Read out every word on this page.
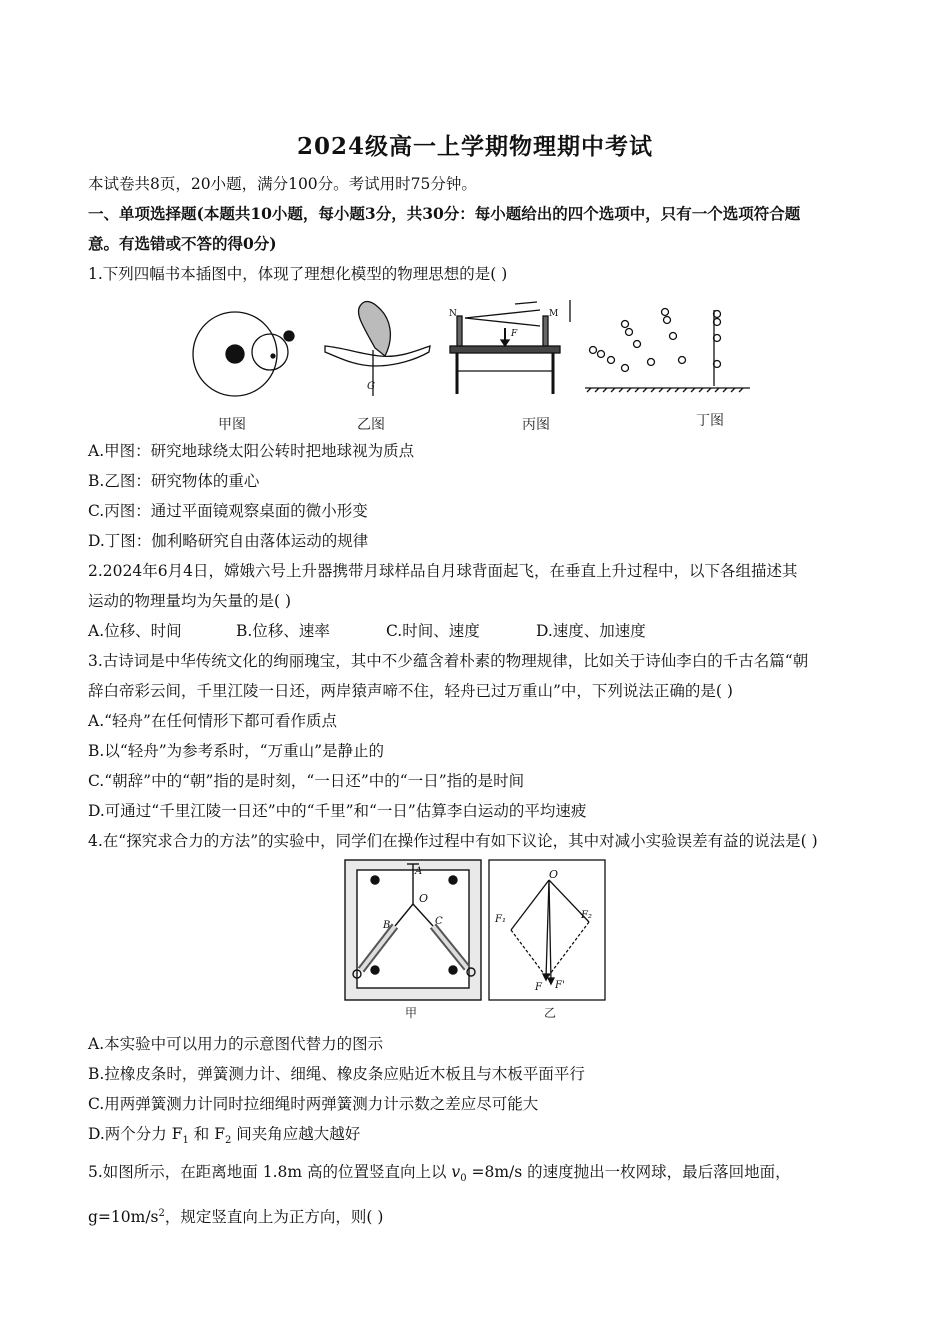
2024级高一上学期物理期中考试
本试卷共8页，20小题，满分100分。考试用时75分钟。
一、单项选择题(本题共10小题，每小题3分，共30分：每小题给出的四个选项中，只有一个选项符合题
意。有选错或不答的得0分)
1.下列四幅书本插图中，体现了理想化模型的物理思想的是( )
G
N	M
F
甲图	乙图	丙图	丁图
A.甲图：研究地球绕太阳公转时把地球视为质点
B.乙图：研究物体的重心
C.丙图：通过平面镜观察桌面的微小形变
D.丁图：伽利略研究自由落体运动的规律
2.2024年6月4日，嫦娥六号上升器携带月球样品自月球背面起飞，在垂直上升过程中，以下各组描述其
运动的物理量均为矢量的是( )
A.位移、时间	B.位移、速率	C.时间、速度	D.速度、加速度
3.古诗词是中华传统文化的绚丽瑰宝，其中不少蕴含着朴素的物理规律，比如关于诗仙李白的千古名篇“朝
辞白帝彩云间，千里江陵一日还，两岸猿声啼不住，轻舟已过万重山”中，下列说法正确的是( )
A.“轻舟”在任何情形下都可看作质点
B.以“轻舟”为参考系时，“万重山”是静止的
C.“朝辞”中的“朝”指的是时刻，“一日还”中的“一日”指的是时间
D.可通过“千里江陵一日还”中的“千里”和“一日”估算李白运动的平均速疲
4.在“探究求合力的方法”的实验中，同学们在操作过程中有如下议论，其中对减小实验误差有益的说法是( )
A
O
B	C
O
F₁	F₂
F F'
甲	乙
A.本实验中可以用力的示意图代替力的图示
B.拉橡皮条时，弹簧测力计、细绳、橡皮条应贴近木板且与木板平面平行
C.用两弹簧测力计同时拉细绳时两弹簧测力计示数之差应尽可能大
D.两个分力 $F_1$ 和 $F_2$ 间夹角应越大越好
5.如图所示，在距离地面 1.8m 高的位置竖直向上以 $v_0 =8m/s$ 的速度抛出一枚网球，最后落回地面，
$g=10m/s^2$，规定竖直向上为正方向，则( )
